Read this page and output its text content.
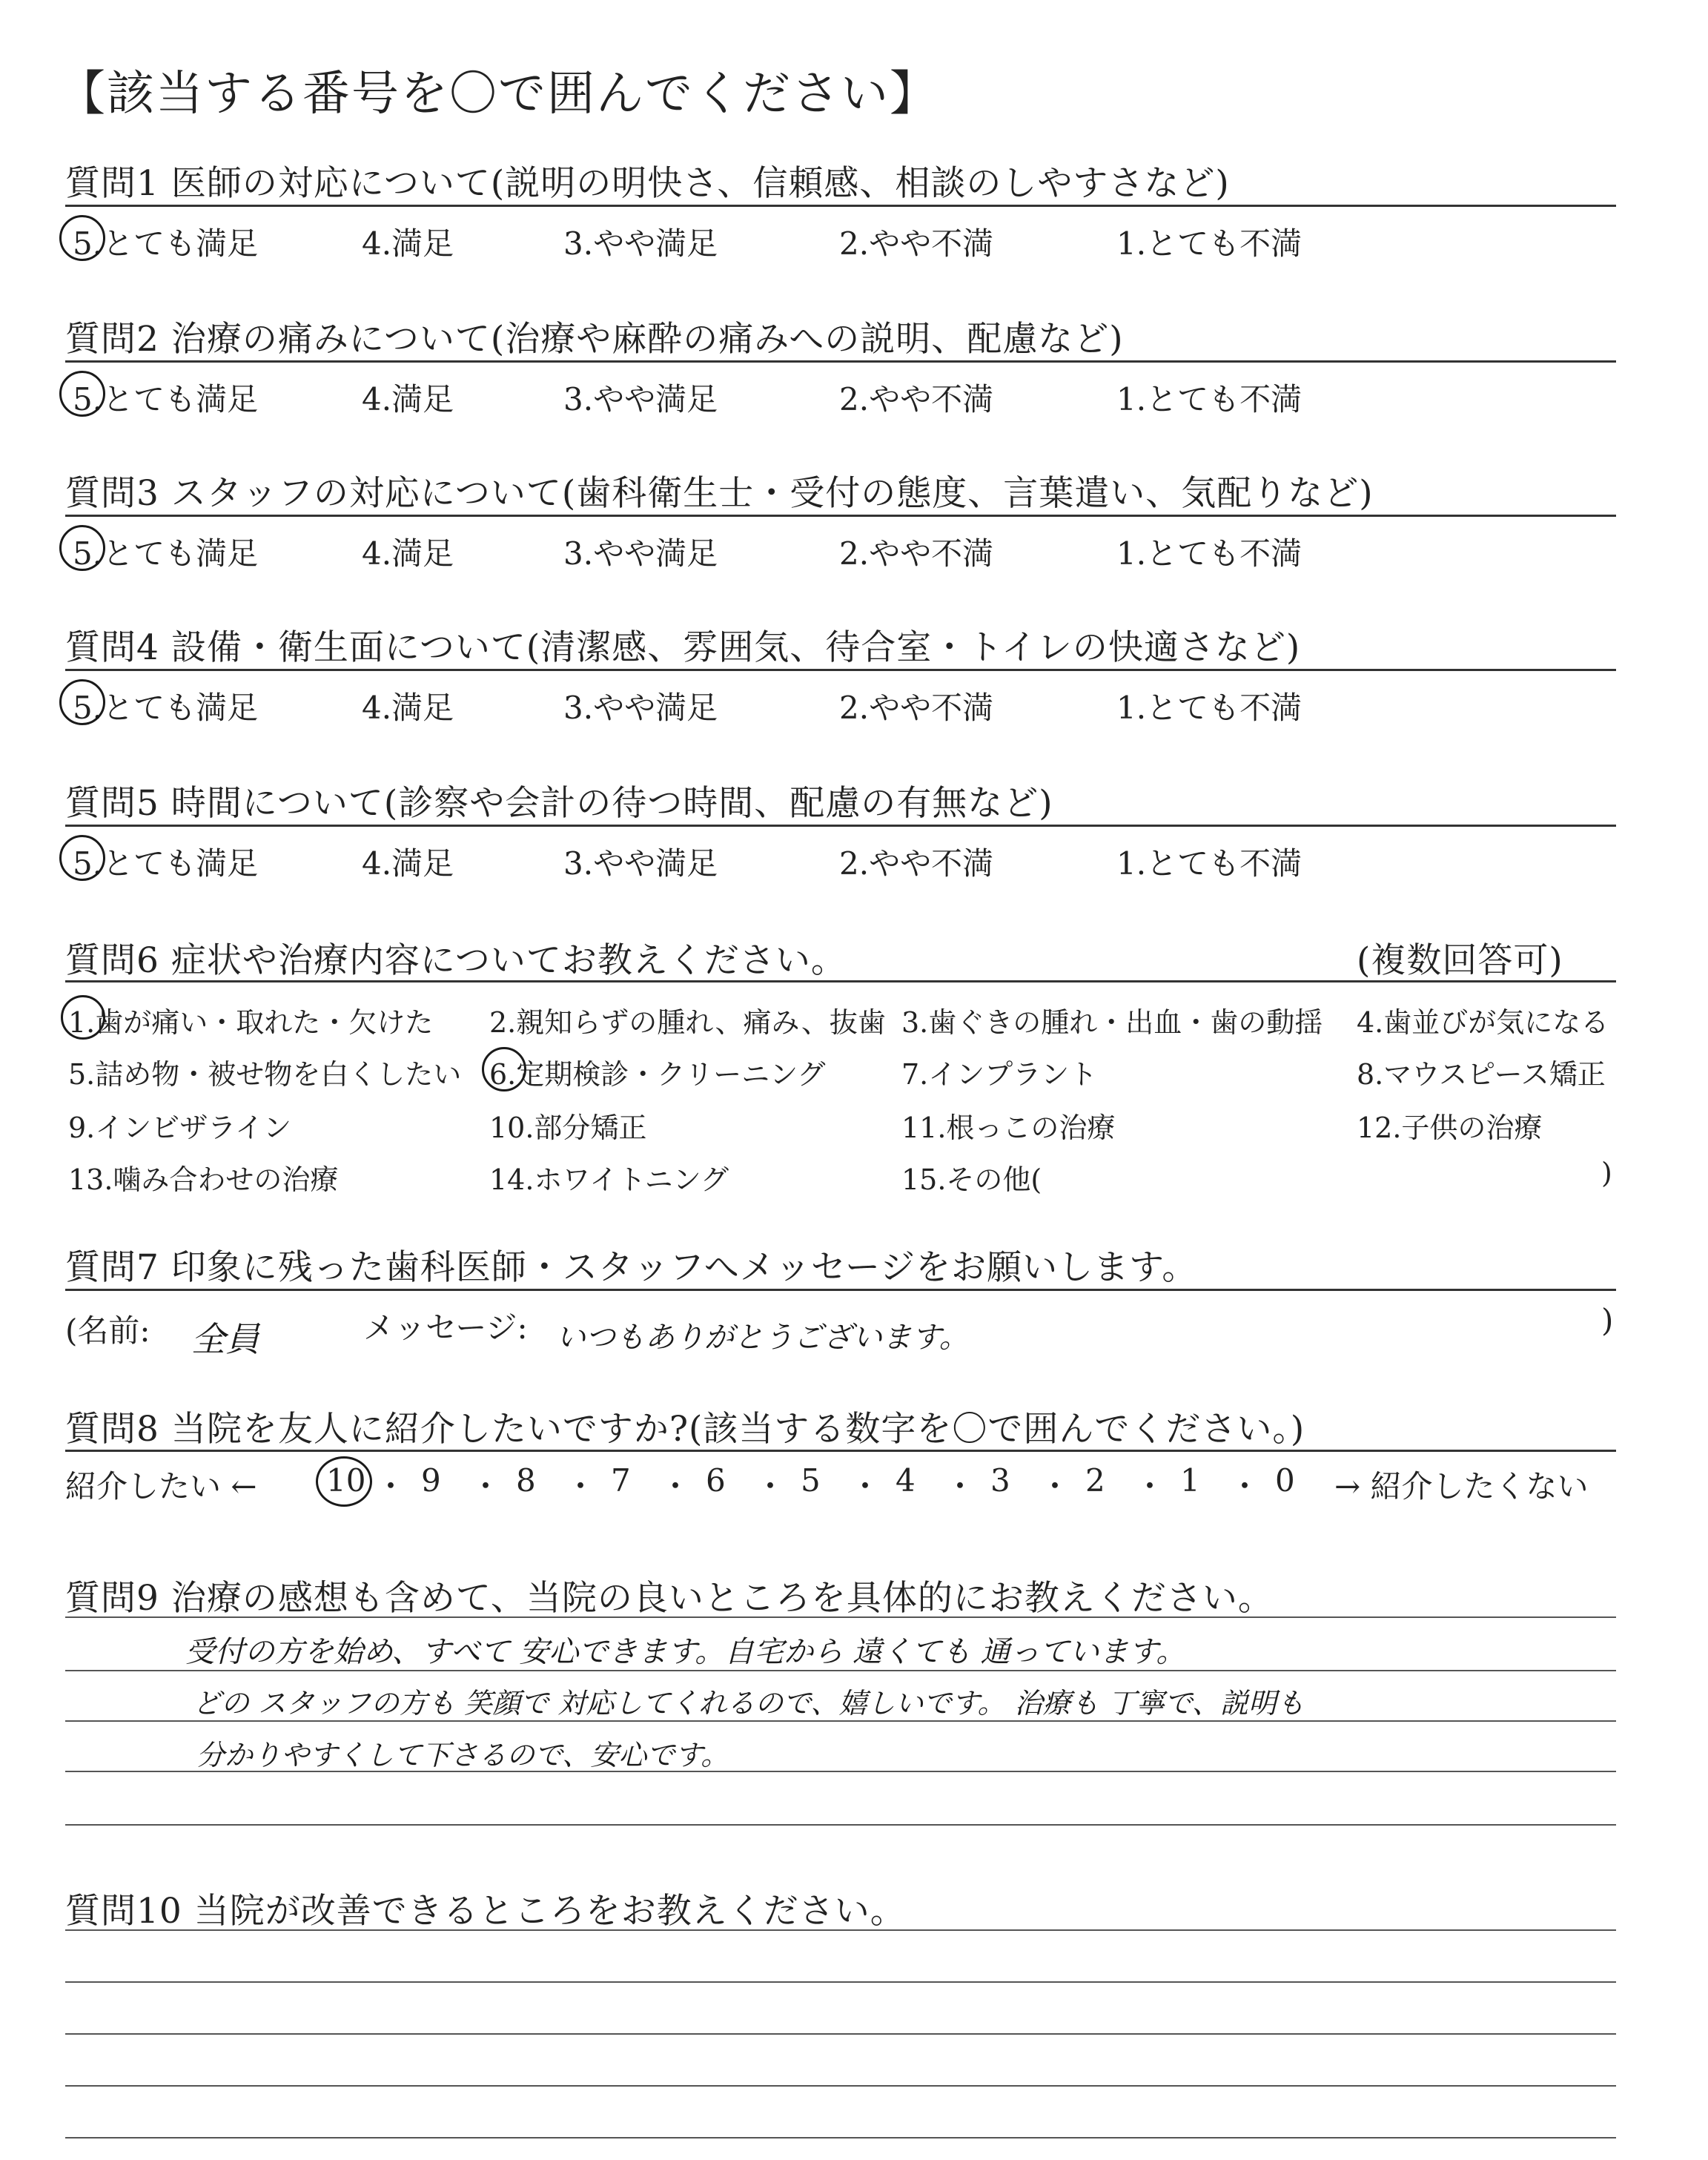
【該当する番号を〇で囲んでください】
質問1 医師の対応について(説明の明快さ、信頼感、相談のしやすさなど)
5.とても満足	4.満足	3.やや満足	2.やや不満	1.とても不満
質問2 治療の痛みについて(治療や麻酔の痛みへの説明、配慮など)
5.とても満足	4.満足	3.やや満足	2.やや不満	1.とても不満
質問3 スタッフの対応について(歯科衛生士・受付の態度、言葉遣い、気配りなど)
5.とても満足	4.満足	3.やや満足	2.やや不満	1.とても不満
質問4 設備・衛生面について(清潔感、雰囲気、待合室・トイレの快適さなど)
5.とても満足	4.満足	3.やや満足	2.やや不満	1.とても不満
質問5 時間について(診察や会計の待つ時間、配慮の有無など)
5.とても満足	4.満足	3.やや満足	2.やや不満	1.とても不満
質問6 症状や治療内容についてお教えください。	(複数回答可)
1.歯が痛い・取れた・欠けた 2.親知らずの腫れ、痛み、抜歯 3.歯ぐきの腫れ・出血・歯の動揺 4.歯並びが気になる
5.詰め物・被せ物を白くしたい 6.定期検診・クリーニング	7.インプラント	8.マウスピース矯正
9.インビザライン	10.部分矯正	11.根っこの治療	12.子供の治療
13.噛み合わせの治療	14.ホワイトニング	15.その他(	)
質問7 印象に残った歯科医師・スタッフへメッセージをお願いします。
(名前: 全員	メッセージ: いつもありがとうございます。	)
質問8 当院を友人に紹介したいですか?(該当する数字を〇で囲んでください。)
紹介したい ← 10 ・ 9 ・ 8 ・ 7 ・ 6 ・ 5 ・ 4 ・ 3 ・ 2 ・ 1 ・ 0 → 紹介したくない
質問9 治療の感想も含めて、当院の良いところを具体的にお教えください。
受付の方を始め、すべて 安心できます。自宅から 遠くても 通っています。
どの スタッフの方も 笑顔で 対応してくれるので、嬉しいです。 治療も 丁寧で、説明も
分かりやすくして下さるので、安心です。
質問10 当院が改善できるところをお教えください。
